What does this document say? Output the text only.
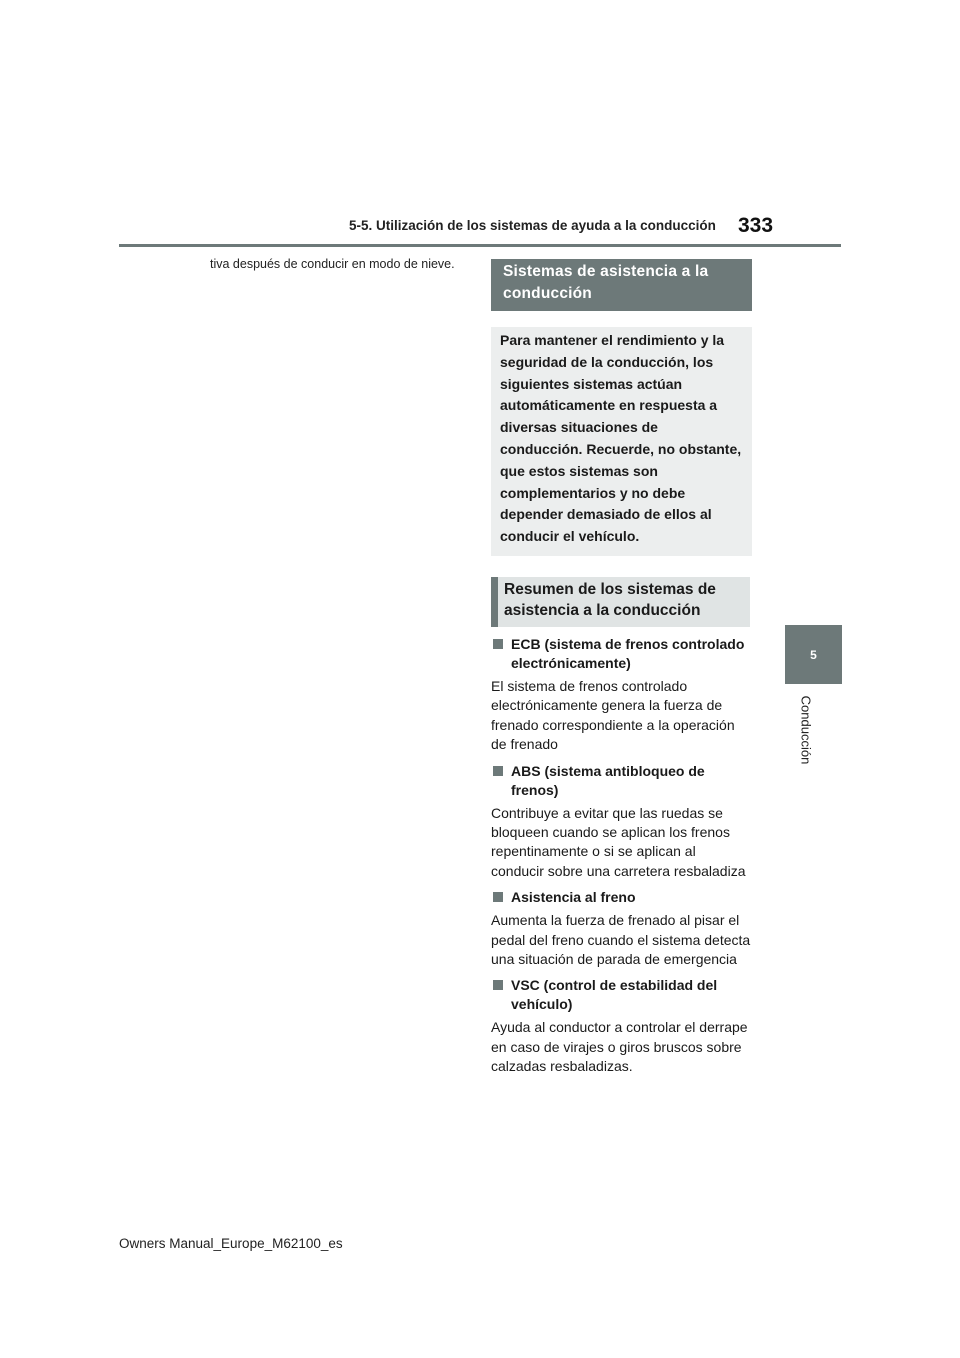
5-5. Utilización de los sistemas de ayuda a la conducción 333
tiva después de conducir en modo de nieve.	Sistemas de asistencia a la conducción
Para mantener el rendimiento y la seguridad de la conducción, los siguientes sistemas actúan automáticamente en respuesta a diversas situaciones de conducción. Recuerde, no obstante, que estos sistemas son complementarios y no debe depender demasiado de ellos al conducir el vehículo.
Resumen de los sistemas de asistencia a la conducción
ECB (sistema de frenos controlado electrónicamente)
El sistema de frenos controlado electrónicamente genera la fuerza de frenado correspondiente a la operación de frenado
ABS (sistema antibloqueo de frenos)
Contribuye a evitar que las ruedas se bloqueen cuando se aplican los frenos repentinamente o si se aplican al conducir sobre una carretera resbaladiza
Asistencia al freno
Aumenta la fuerza de frenado al pisar el pedal del freno cuando el sistema detecta una situación de parada de emergencia
VSC (control de estabilidad del vehículo)
Ayuda al conductor a controlar el derrape en caso de virajes o giros bruscos sobre calzadas resbaladizas.
5
Conducción
Owners Manual_Europe_M62100_es
